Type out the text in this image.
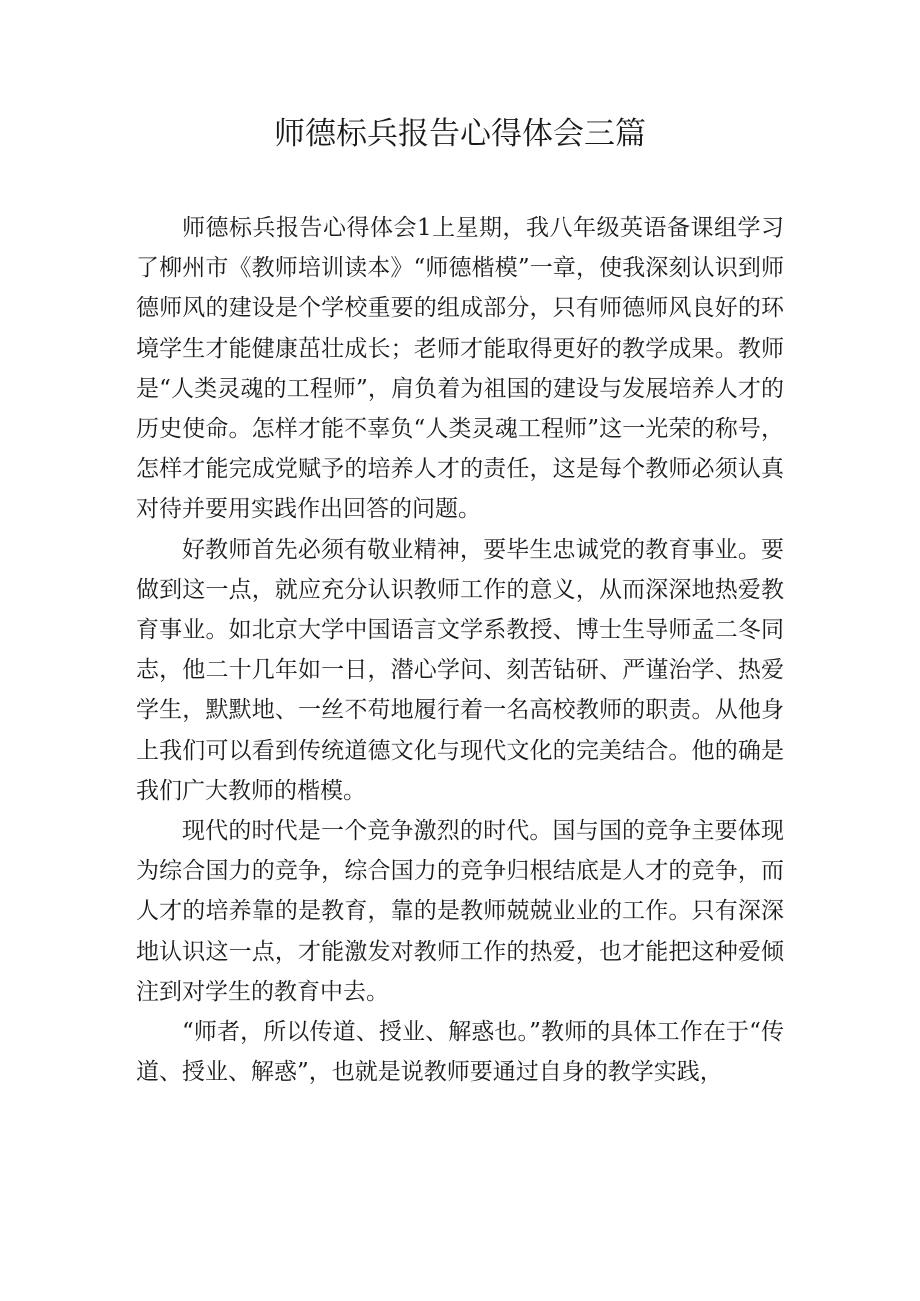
师德标兵报告心得体会三篇

师德标兵报告心得体会1上星期，我八年级英语备课组学习了柳州市《教师培训读本》“师德楷模”一章，使我深刻认识到师德师风的建设是个学校重要的组成部分，只有师德师风良好的环境学生才能健康茁壮成长；老师才能取得更好的教学成果。教师是“人类灵魂的工程师”，肩负着为祖国的建设与发展培养人才的历史使命。怎样才能不辜负“人类灵魂工程师”这一光荣的称号，怎样才能完成党赋予的培养人才的责任，这是每个教师必须认真对待并要用实践作出回答的问题。

好教师首先必须有敬业精神，要毕生忠诚党的教育事业。要做到这一点，就应充分认识教师工作的意义，从而深深地热爱教育事业。如北京大学中国语言文学系教授、博士生导师孟二冬同志，他二十几年如一日，潜心学问、刻苦钻研、严谨治学、热爱学生，默默地、一丝不苟地履行着一名高校教师的职责。从他身上我们可以看到传统道德文化与现代文化的完美结合。他的确是我们广大教师的楷模。

现代的时代是一个竞争激烈的时代。国与国的竞争主要体现为综合国力的竞争，综合国力的竞争归根结底是人才的竞争，而人才的培养靠的是教育，靠的是教师兢兢业业的工作。只有深深地认识这一点，才能激发对教师工作的热爱，也才能把这种爱倾注到对学生的教育中去。

“师者，所以传道、授业、解惑也。”教师的具体工作在于“传道、授业、解惑”，也就是说教师要通过自身的教学实践，
